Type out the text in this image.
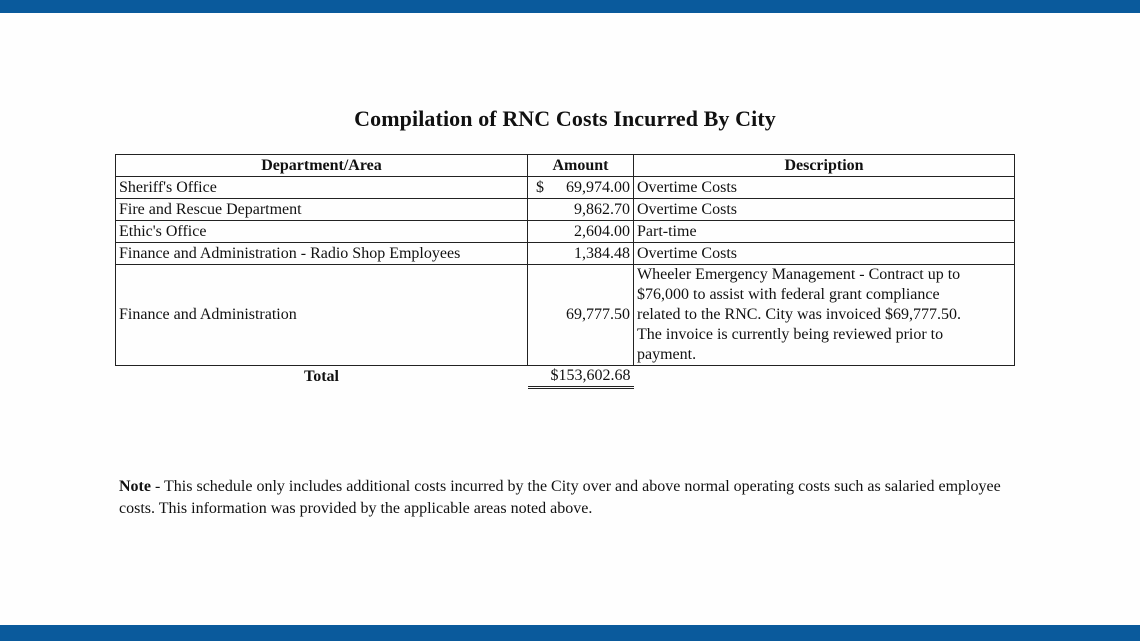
Compilation of RNC Costs Incurred By City
Department/Area	Amount	Description
Sheriff's Office	$ 69,974.00	Overtime Costs
Fire and Rescue Department	9,862.70	Overtime Costs
Ethic's Office	2,604.00	Part-time
Finance and Administration - Radio Shop Employees	1,384.48	Overtime Costs
Finance and Administration	69,777.50	Wheeler Emergency Management - Contract up to
$76,000 to assist with federal grant compliance
related to the RNC. City was invoiced $69,777.50.
The invoice is currently being reviewed prior to
payment.

Total	$153,602.68	
Note - This schedule only includes additional costs incurred by the City over and above normal operating costs such as salaried employee costs. This information was provided by the applicable areas noted above.
